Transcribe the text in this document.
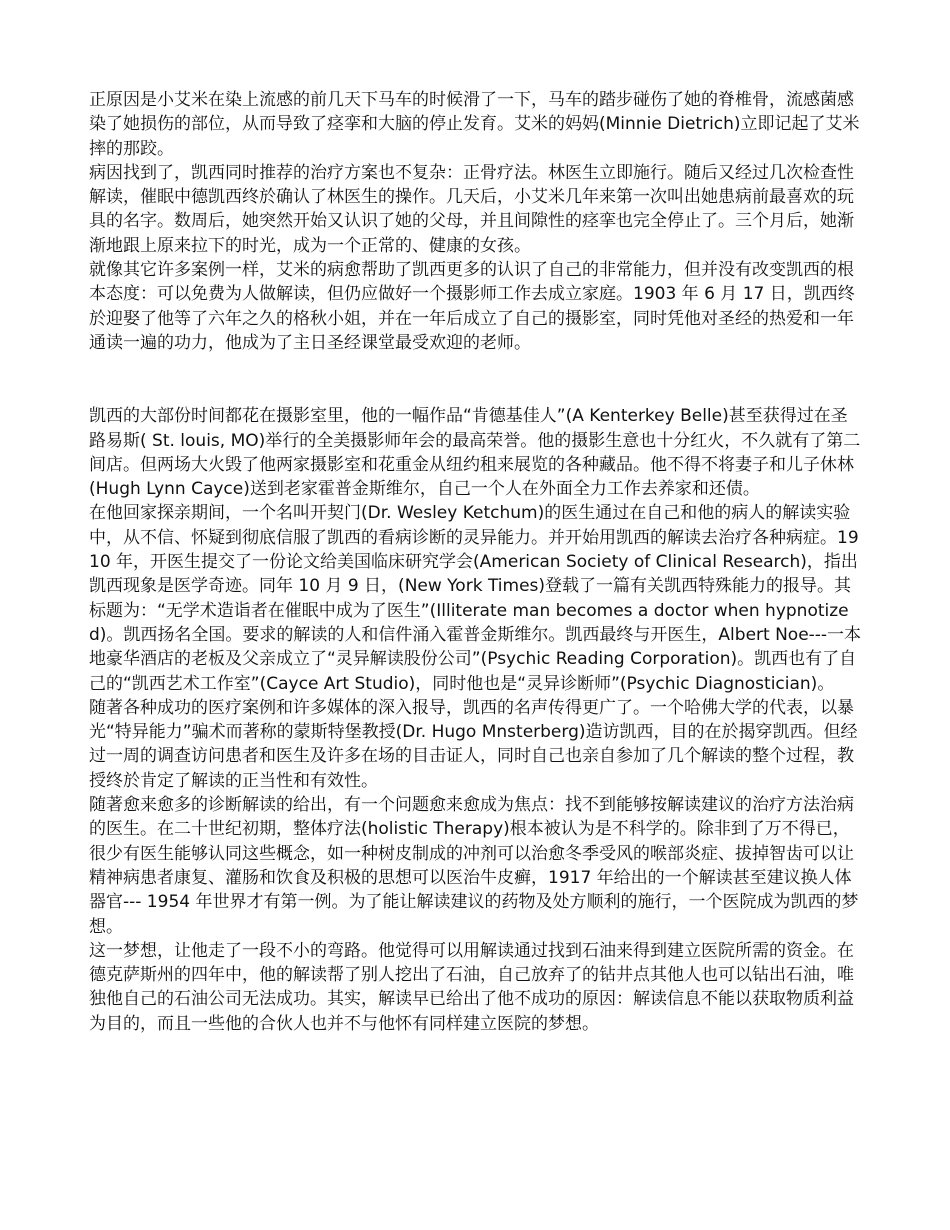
正原因是小艾米在染上流感的前几天下马车的时候滑了一下，马车的踏步碰伤了她的脊椎骨，流感菌感染了她损伤的部位，从而导致了痉挛和大脑的停止发育。艾米的妈妈(Minnie Dietrich)立即记起了艾米摔的那跤。

病因找到了，凯西同时推荐的治疗方案也不复杂：正骨疗法。林医生立即施行。随后又经过几次检查性解读，催眠中德凯西终於确认了林医生的操作。几天后，小艾米几年来第一次叫出她患病前最喜欢的玩具的名字。数周后，她突然开始又认识了她的父母，并且间隙性的痉挛也完全停止了。三个月后，她渐渐地跟上原来拉下的时光，成为一个正常的、健康的女孩。

就像其它许多案例一样，艾米的病愈帮助了凯西更多的认识了自己的非常能力，但并没有改变凯西的根本态度：可以免费为人做解读，但仍应做好一个摄影师工作去成立家庭。1903 年 6 月 17 日，凯西终於迎娶了他等了六年之久的格秋小姐，并在一年后成立了自己的摄影室，同时凭他对圣经的热爱和一年通读一遍的功力，他成为了主日圣经课堂最受欢迎的老师。

凯西的大部份时间都花在摄影室里，他的一幅作品“肯德基佳人”(A Kenterkey Belle)甚至获得过在圣路易斯( St. louis, MO)举行的全美摄影师年会的最高荣誉。他的摄影生意也十分红火，不久就有了第二间店。但两场大火毁了他两家摄影室和花重金从纽约租来展览的各种藏品。他不得不将妻子和儿子休林(Hugh Lynn Cayce)送到老家霍普金斯维尔，自己一个人在外面全力工作去养家和还债。

在他回家探亲期间，一个名叫开契门(Dr. Wesley Ketchum)的医生通过在自己和他的病人的解读实验中，从不信、怀疑到彻底信服了凯西的看病诊断的灵异能力。并开始用凯西的解读去治疗各种病症。1910 年，开医生提交了一份论文给美国临床研究学会(American Society of Clinical Research)，指出凯西现象是医学奇迹。同年 10 月 9 日，(New York Times)登载了一篇有关凯西特殊能力的报导。其标题为：“无学术造诣者在催眠中成为了医生”(Illiterate man becomes a doctor when hypnotized)。凯西扬名全国。要求的解读的人和信件涌入霍普金斯维尔。凯西最终与开医生，Albert Noe---一本地豪华酒店的老板及父亲成立了“灵异解读股份公司”(Psychic Reading Corporation)。凯西也有了自己的“凯西艺术工作室”(Cayce Art Studio)，同时他也是“灵异诊断师”(Psychic Diagnostician)。

随著各种成功的医疗案例和许多媒体的深入报导，凯西的名声传得更广了。一个哈佛大学的代表，以暴光“特异能力”骗术而著称的蒙斯特堡教授(Dr. Hugo Mnsterberg)造访凯西，目的在於揭穿凯西。但经过一周的调查访问患者和医生及许多在场的目击证人，同时自己也亲自参加了几个解读的整个过程，教授终於肯定了解读的正当性和有效性。

随著愈来愈多的诊断解读的给出，有一个问题愈来愈成为焦点：找不到能够按解读建议的治疗方法治病的医生。在二十世纪初期，整体疗法(holistic Therapy)根本被认为是不科学的。除非到了万不得已，很少有医生能够认同这些概念，如一种树皮制成的冲剂可以治愈冬季受风的喉部炎症、拔掉智齿可以让精神病患者康复、灌肠和饮食及积极的思想可以医治牛皮癣，1917 年给出的一个解读甚至建议换人体器官--- 1954 年世界才有第一例。为了能让解读建议的药物及处方顺利的施行，一个医院成为凯西的梦想。

这一梦想，让他走了一段不小的弯路。他觉得可以用解读通过找到石油来得到建立医院所需的资金。在德克萨斯州的四年中，他的解读帮了别人挖出了石油，自己放弃了的钻井点其他人也可以钻出石油，唯独他自己的石油公司无法成功。其实，解读早已给出了他不成功的原因：解读信息不能以获取物质利益为目的，而且一些他的合伙人也并不与他怀有同样建立医院的梦想。
